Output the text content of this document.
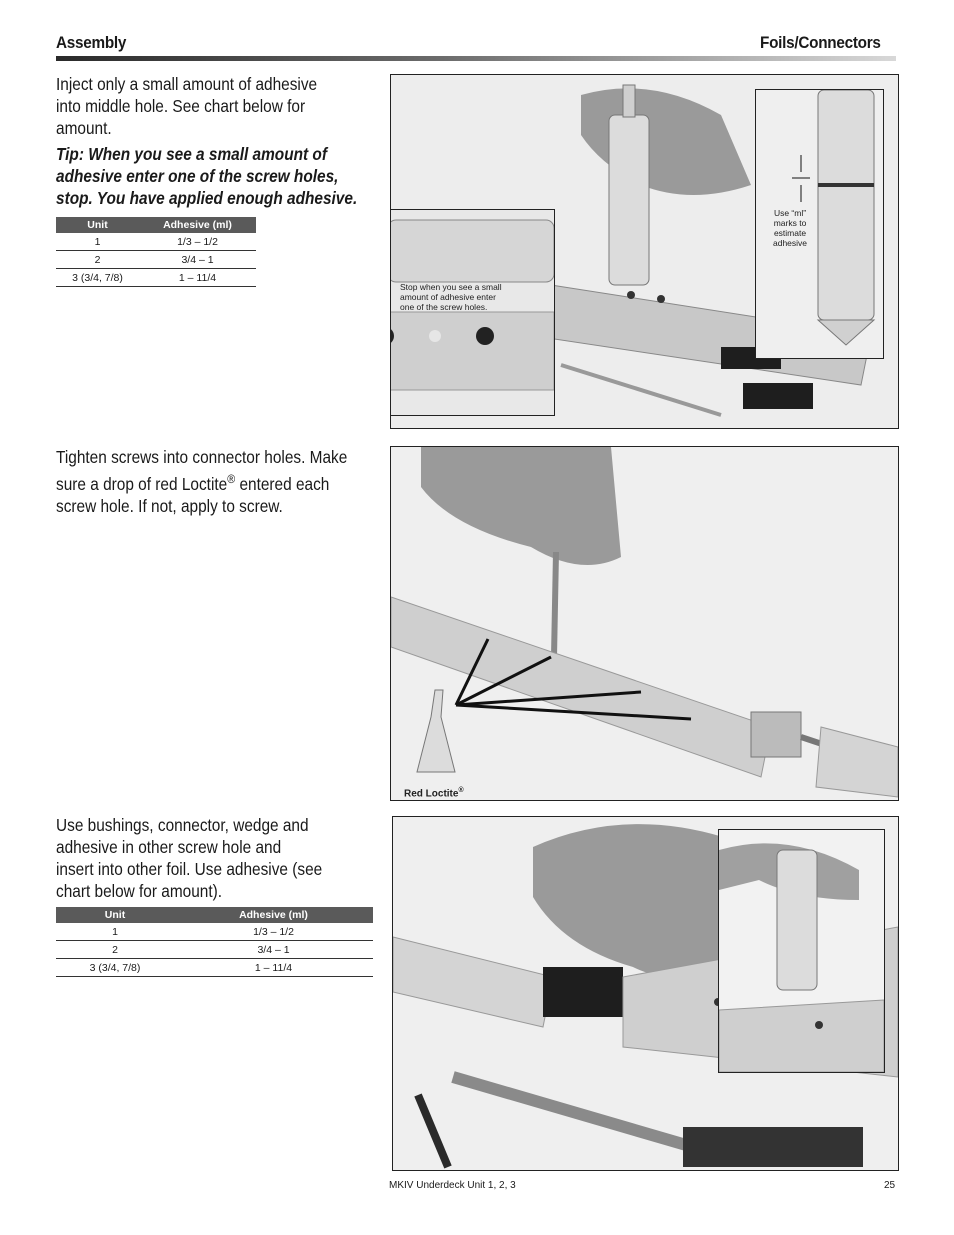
Assembly	Foils/Connectors
Inject only a small amount of adhesive
into middle hole. See chart below for
amount.
Tip: When you see a small amount of
adhesive enter one of the screw holes,
stop. You have applied enough adhesive.
Unit	Adhesive (ml)
1	1/3 – 1/2
2	3/4 – 1
3 (3/4, 7/8)	1 – 11/4
Stop when you see a small
amount of adhesive enter
one of the screw holes.
Use “ml”
marks to
estimate
adhesive
Tighten screws into connector holes. Make
sure a drop of red Loctite® entered each
screw hole. If not, apply to screw.
Red Loctite®
Use bushings, connector, wedge and
adhesive in other screw hole and
insert into other foil. Use adhesive (see
chart below for amount).
Unit	Adhesive (ml)
1	1/3 – 1/2
2	3/4 – 1
3 (3/4, 7/8)	1 – 11/4
MKIV Underdeck Unit 1, 2, 3	25
